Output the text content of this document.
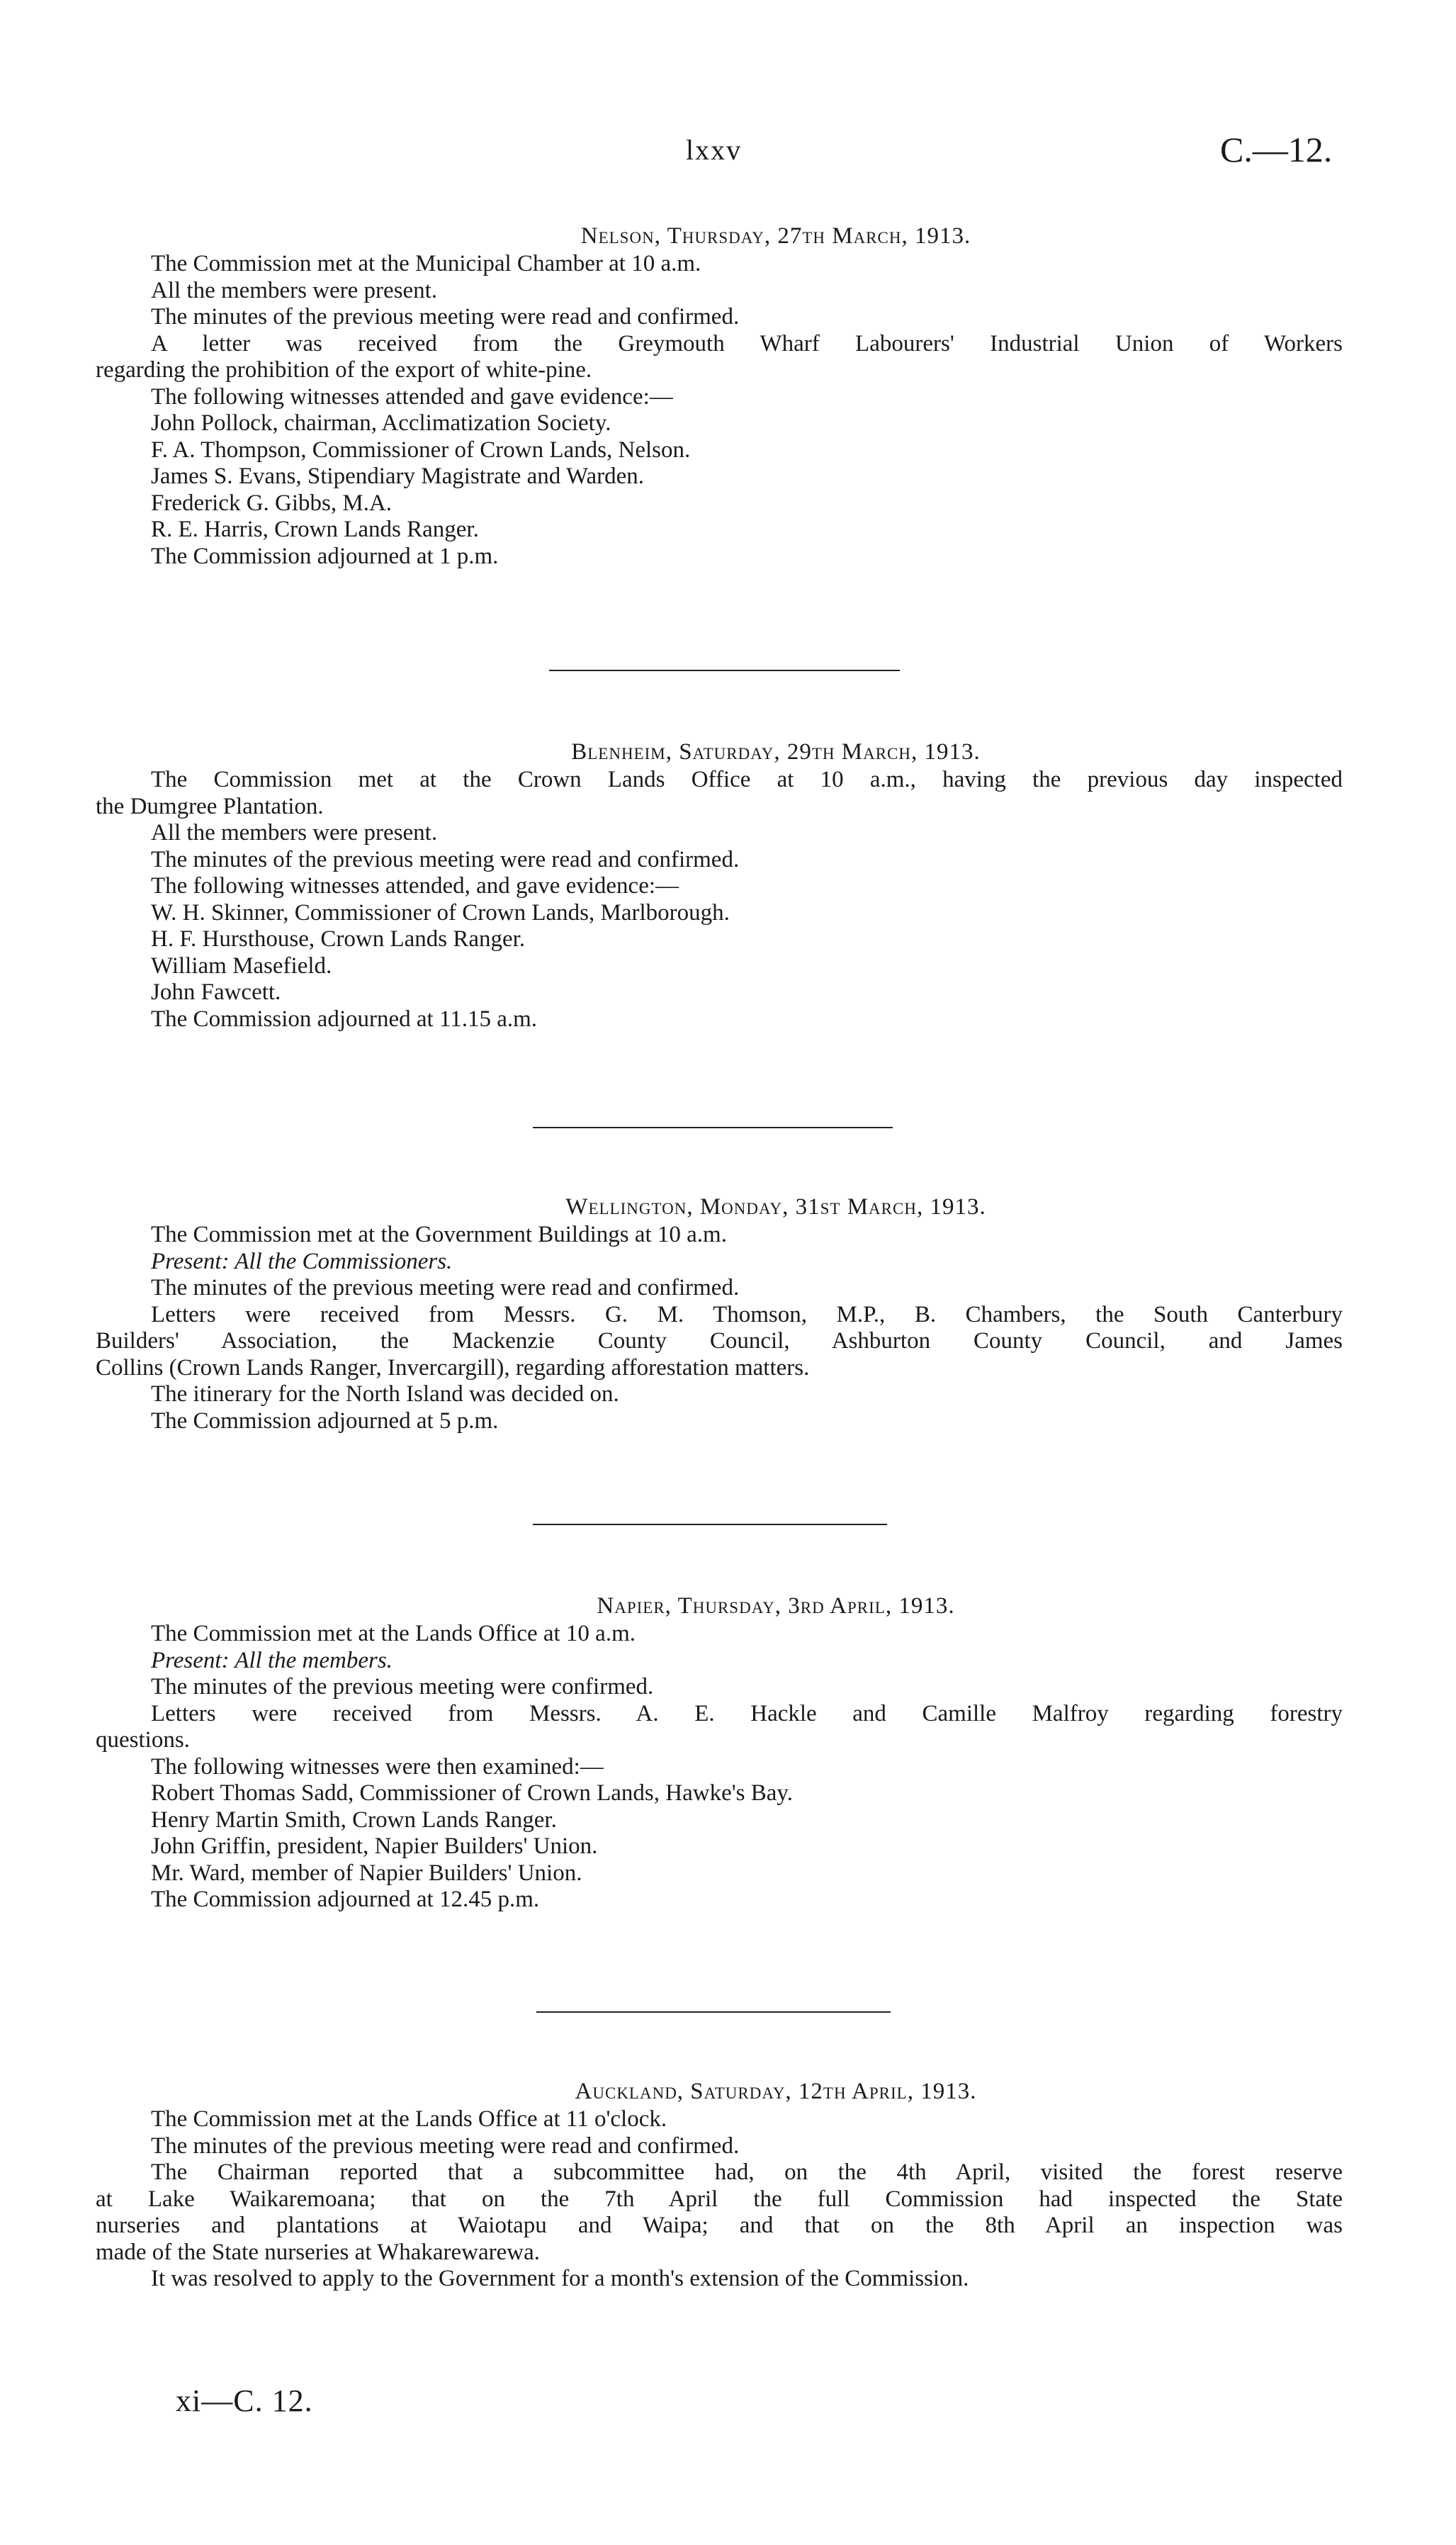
lxxv	C.—12.
Nelson, Thursday, 27th March, 1913.
The Commission met at the Municipal Chamber at 10 a.m.
All the members were present.
The minutes of the previous meeting were read and confirmed.
A letter was received from the Greymouth Wharf Labourers' Industrial Union of Workers
regarding the prohibition of the export of white-pine.
The following witnesses attended and gave evidence:—
John Pollock, chairman, Acclimatization Society.
F. A. Thompson, Commissioner of Crown Lands, Nelson.
James S. Evans, Stipendiary Magistrate and Warden.
Frederick G. Gibbs, M.A.
R. E. Harris, Crown Lands Ranger.
The Commission adjourned at 1 p.m.
Blenheim, Saturday, 29th March, 1913.
The Commission met at the Crown Lands Office at 10 a.m., having the previous day inspected
the Dumgree Plantation.
All the members were present.
The minutes of the previous meeting were read and confirmed.
The following witnesses attended, and gave evidence:—
W. H. Skinner, Commissioner of Crown Lands, Marlborough.
H. F. Hursthouse, Crown Lands Ranger.
William Masefield.
John Fawcett.
The Commission adjourned at 11.15 a.m.
Wellington, Monday, 31st March, 1913.
The Commission met at the Government Buildings at 10 a.m.
Present: All the Commissioners.
The minutes of the previous meeting were read and confirmed.
Letters were received from Messrs. G. M. Thomson, M.P., B. Chambers, the South Canterbury
Builders' Association, the Mackenzie County Council, Ashburton County Council, and James
Collins (Crown Lands Ranger, Invercargill), regarding afforestation matters.
The itinerary for the North Island was decided on.
The Commission adjourned at 5 p.m.
Napier, Thursday, 3rd April, 1913.
The Commission met at the Lands Office at 10 a.m.
Present: All the members.
The minutes of the previous meeting were confirmed.
Letters were received from Messrs. A. E. Hackle and Camille Malfroy regarding forestry
questions.
The following witnesses were then examined:—
Robert Thomas Sadd, Commissioner of Crown Lands, Hawke's Bay.
Henry Martin Smith, Crown Lands Ranger.
John Griffin, president, Napier Builders' Union.
Mr. Ward, member of Napier Builders' Union.
The Commission adjourned at 12.45 p.m.
Auckland, Saturday, 12th April, 1913.
The Commission met at the Lands Office at 11 o'clock.
The minutes of the previous meeting were read and confirmed.
The Chairman reported that a subcommittee had, on the 4th April, visited the forest reserve
at Lake Waikaremoana; that on the 7th April the full Commission had inspected the State
nurseries and plantations at Waiotapu and Waipa; and that on the 8th April an inspection was
made of the State nurseries at Whakarewarewa.
It was resolved to apply to the Government for a month's extension of the Commission.
xi—C. 12.
